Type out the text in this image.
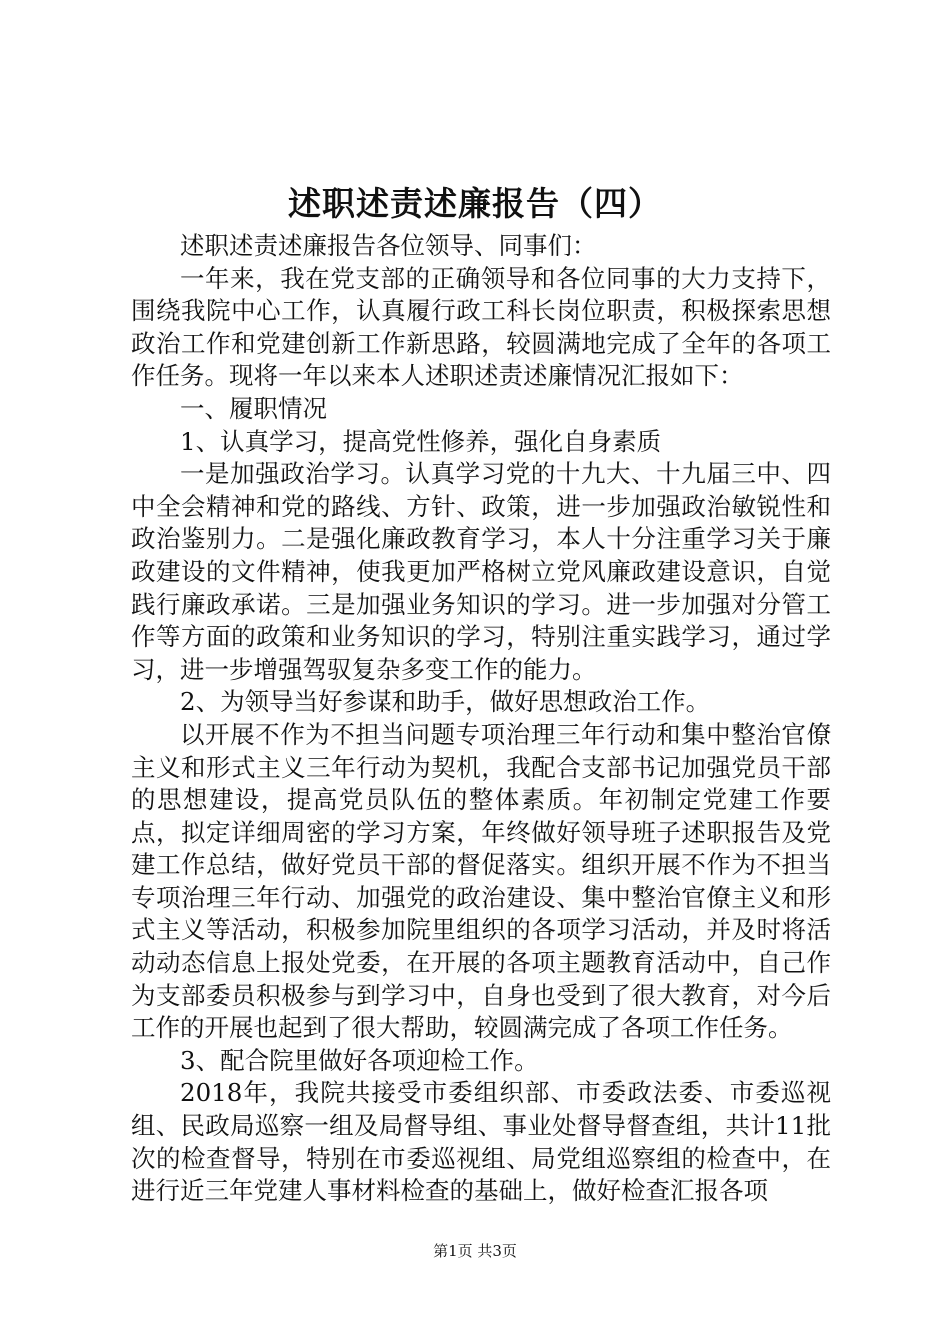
述职述责述廉报告（四）

述职述责述廉报告各位领导、同事们：

一年来，我在党支部的正确领导和各位同事的大力支持下，围绕我院中心工作，认真履行政工科长岗位职责，积极探索思想政治工作和党建创新工作新思路，较圆满地完成了全年的各项工作任务。现将一年以来本人述职述责述廉情况汇报如下：

一、履职情况

1、认真学习，提高党性修养，强化自身素质

一是加强政治学习。认真学习党的十九大、十九届三中、四中全会精神和党的路线、方针、政策，进一步加强政治敏锐性和政治鉴别力。二是强化廉政教育学习，本人十分注重学习关于廉政建设的文件精神，使我更加严格树立党风廉政建设意识，自觉践行廉政承诺。三是加强业务知识的学习。进一步加强对分管工作等方面的政策和业务知识的学习，特别注重实践学习，通过学习，进一步增强驾驭复杂多变工作的能力。

2、为领导当好参谋和助手，做好思想政治工作。

以开展不作为不担当问题专项治理三年行动和集中整治官僚主义和形式主义三年行动为契机，我配合支部书记加强党员干部的思想建设，提高党员队伍的整体素质。年初制定党建工作要点，拟定详细周密的学习方案，年终做好领导班子述职报告及党建工作总结，做好党员干部的督促落实。组织开展不作为不担当专项治理三年行动、加强党的政治建设、集中整治官僚主义和形式主义等活动，积极参加院里组织的各项学习活动，并及时将活动动态信息上报处党委，在开展的各项主题教育活动中，自己作为支部委员积极参与到学习中，自身也受到了很大教育，对今后工作的开展也起到了很大帮助，较圆满完成了各项工作任务。

3、配合院里做好各项迎检工作。

2018年，我院共接受市委组织部、市委政法委、市委巡视组、民政局巡察一组及局督导组、事业处督导督查组，共计11批次的检查督导，特别在市委巡视组、局党组巡察组的检查中，在进行近三年党建人事材料检查的基础上，做好检查汇报各项

第1页 共3页
